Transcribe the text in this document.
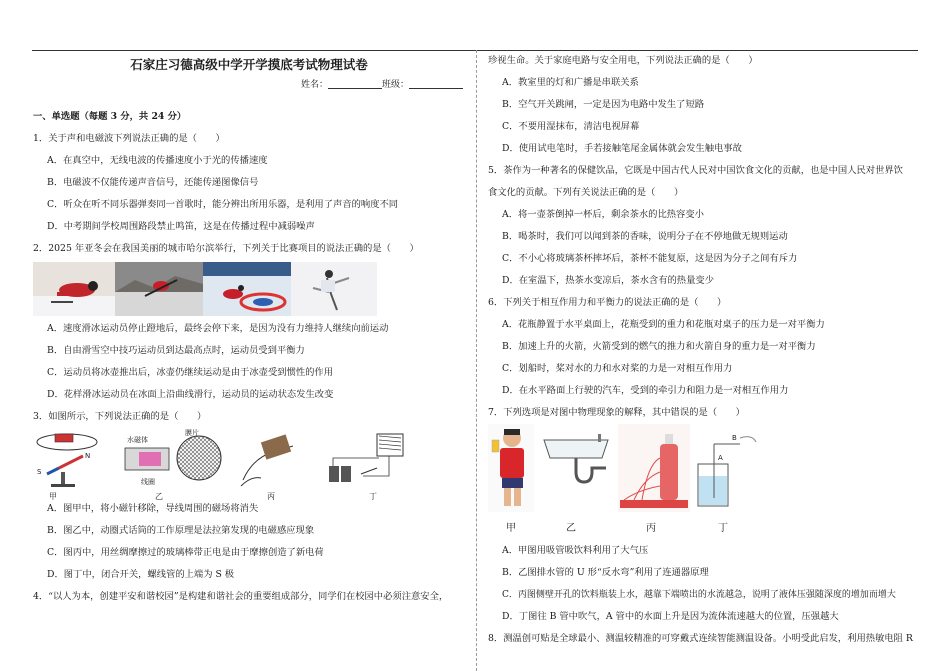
石家庄习德高级中学开学摸底考试物理试卷
姓名：	班级：
一、单选题（每题 3 分，共 24 分）
1．关于声和电磁波下列说法正确的是（　　）
A．在真空中，无线电波的传播速度小于光的传播速度
B．电磁波不仅能传递声音信号，还能传递图像信号
C．听众在听不同乐器弹奏同一首歌时，能分辨出所用乐器，是利用了声音的响度不同
D．中考期间学校周围路段禁止鸣笛，这是在传播过程中减弱噪声
2．2025 年亚冬会在我国美丽的城市哈尔滨举行，下列关于比赛项目的说法正确的是（　　）
A．速度滑冰运动员停止蹬地后，最终会停下来，是因为没有力维持人继续向前运动
B．自由滑雪空中技巧运动员到达最高点时，运动员受到平衡力
C．运动员将冰壶推出后，冰壶仍继续运动是由于冰壶受到惯性的作用
D．花样滑冰运动员在冰面上沿曲线滑行，运动员的运动状态发生改变
3．如图所示，下列说法正确的是（　　）
S
N
水磁体
膜片
线圈
甲	乙	丙	丁
A．图甲中，将小磁针移除，导线周围的磁场将消失
B．图乙中，动圈式话筒的工作原理是法拉第发现的电磁感应现象
C．图丙中，用丝绸摩擦过的玻璃棒带正电是由于摩擦创造了新电荷
D．图丁中，闭合开关，螺线管的上端为 S 极
4．“以人为本，创建平安和谐校园”是构建和谐社会的重要组成部分，同学们在校园中必须注意安全，
珍视生命。关于家庭电路与安全用电，下列说法正确的是（　　）
A．教室里的灯和广播是串联关系
B．空气开关跳闸，一定是因为电路中发生了短路
C．不要用湿抹布，清洁电视屏幕
D．使用试电笔时，手若接触笔尾金属体就会发生触电事故
5．茶作为一种著名的保健饮品，它既是中国古代人民对中国饮食文化的贡献，也是中国人民对世界饮
食文化的贡献。下列有关说法正确的是（　　）
A．将一壶茶倒掉一杯后，剩余茶水的比热容变小
B．喝茶时，我们可以闻到茶的香味，说明分子在不停地做无规则运动
C．不小心将玻璃茶杯摔坏后，茶杯不能复原，这是因为分子之间有斥力
D．在室温下，热茶水变凉后，茶水含有的热量变少
6．下列关于相互作用力和平衡力的说法正确的是（　　）
A．花瓶静置于水平桌面上，花瓶受到的重力和花瓶对桌子的压力是一对平衡力
B．加速上升的火箭，火箭受到的燃气的推力和火箭自身的重力是一对平衡力
C．划船时，桨对水的力和水对桨的力是一对相互作用力
D．在水平路面上行驶的汽车，受到的牵引力和阻力是一对相互作用力
7．下列选项是对图中物理现象的解释，其中错误的是（　　）
B
A
甲	乙	丙	丁
A．甲图用吸管吸饮料利用了大气压
B．乙图排水管的 U 形“反水弯”利用了连通器原理
C．丙图侧壁开孔的饮料瓶装上水，越靠下端喷出的水流越急，说明了液体压强随深度的增加而增大
D．丁图往 B 管中吹气，A 管中的水面上升是因为流体流速越大的位置，压强越大
8．测温创可贴是全球最小、测温较精准的可穿戴式连续智能测温设备。小明受此启发，利用热敏电阻 R
